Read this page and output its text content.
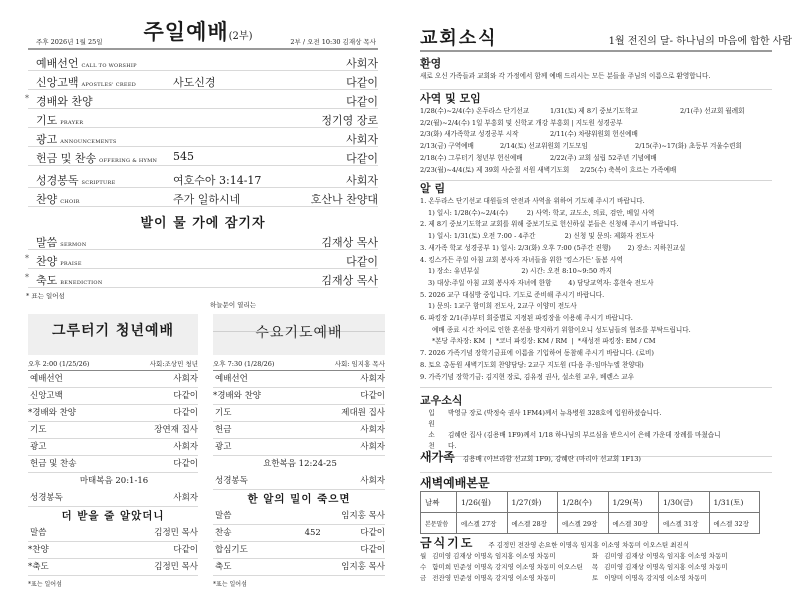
주일예배(2부)
주후 2026년 1월 25일	2부 / 오전 10:30 김재상 목사
예배선언 CALL TO WORSHIP	사회자
신앙고백 APOSTLES' CREED	사도신경	다같이
* 경배와 찬양	다같이
기도 PRAYER	정기영 장로
광고 ANNOUNCEMENTS	사회자
헌금 및 찬송 OFFERING & HYMN 545	다같이
성경봉독 SCRIPTURE	여호수아 3:14-17	사회자
찬양 CHOIR	주가 일하시네	호산나 찬양대
발이 물 가에 잠기자
말씀 SERMON	김재상 목사
* 찬양 PRAISE	다같이
* 축도 BENEDICTION	김재상 목사
* 표는 일어섬
그루터기 청년예배
오후 2:00 (1/25/26)	사회:조상민 청년
예배선언	사회자
신앙고백	다같이
*경배와 찬양	다같이
기도	장연재 집사
광고	사회자
헌금 및 찬송	다같이
마태복음 20:1-16
성경봉독	사회자
더 받을 줄 알았더니
말씀	김정민 목사
*찬양	다같이
*축도	김정민 목사
*표는 일어섬
하늘문이 열리는
수요기도예배
오후 7:30 (1/28/26)	사회: 임지홍 목사
예배선언	사회자
*경배와 찬양	다같이
기도	제대원 집사
헌금	사회자
광고	사회자
요한복음 12:24-25
성경봉독	사회자
한 알의 밀이 죽으면
말씀	임지홍 목사
찬송	452	다같이
합심기도	다같이
축도	임지홍 목사
*표는 일어섬
교회소식	1월 전진의 달- 하나님의 마음에 합한 사람
환영
새로 오신 가족들과 교회와 각 가정에서 함께 예배 드리시는 모든 분들을 주님의 이름으로 환영합니다.
사역 및 모임
1/28(수)~2/4(수) 온두라스 단기선교	1/31(토) 제 8기 중보기도학교	2/1(주) 선교회 월례회
2/2(월)~2/4(수) 1일 부흥회 및 신학교 개강 부흥회 | 지도원 성경공부
2/3(화) 새가족학교 성경공부 시작	2/11(수) 차량위원회 헌신예배
2/13(금) 구역예배	2/14(토) 선교위원회 기도모임	2/15(주)~17(화) 초등부 겨울수련회
2/18(수) 그루터기 청년부 헌신예배	2/22(주) 교회 설립 52주년 기념예배
2/23(월)~4/4(토) 제 39회 사순절 서원 새벽기도회	2/25(수) 축복이 흐르는 가족예배
알 림
1. 온두라스 단기선교 대원들의 안전과 사역을 위하여 기도해 주시기 바랍니다.
1) 일시: 1/28(수)~2/4(수)         2) 사역: 학교, 교도소, 의료, 검안, 베일 사역
2. 제 8기 중보기도학교 교회를 위해 중보기도로 헌신하실 분들은 신청해 주시기 바랍니다.
1) 일시: 1/31(토) 오전 7:00 - 4주간              2) 신청 및 문의: 제화자 전도사
3. 새가족 학교 성경공부 1) 일시: 2/3(화) 오후 7:00 (5주간 진행)        2) 장소: 지하친교실
4. 킹스가든 주일 아침 교회 봉사자 자녀들을 위한 '킹스가든' 돌봄 사역
1) 장소: 유년부실                    2) 시간: 오전 8:10~9:50 까지
3) 대상:주일 아침 교회 봉사자 자녀에 한함        4) 담당교역자: 홍현숙 전도사
5. 2026 교구 대심방 중입니다. 기도로 준비해 주시기 바랍니다.
1) 문의: 1교구 함미희 전도사, 2교구 이양미 전도사
6. 파킹장 2/1(주)부터 회중별로 지정된 파킹장을 이용해 주시기 바랍니다.
예배 종료 시간 차이로 인한 혼선을 방지하기 위함이오니 성도님들의 협조를 부탁드립니다.
*본당 주차장: KM  |  *코너 파킹장: KM / RM  |  *새성전 파킹장: EM / CM
7. 2026 가족기념 장학기금표에 이름을 기입하여 동참해 주시기 바랍니다. (로비)
8. 토요 총동원 새벽기도회 찬양담당: 2교구 지도원 (다음 주:임마누엘 찬양대)
9. 가족기념 장학기금: 김지현 장로, 김유정 권사, 설소원 교우, 베렌스 교우
교우소식
입 원
박영규 장로 (박정숙 권사 1FM4)께서 뉴욕병원 328호에 입원하셨습니다.
소 천
김혜란 집사 (김용배 1F9)께서 1/18 하나님의 부르심을 받으시어 은혜 가운데 장례를 마쳤습니다.
새가족 김용배 (아브라함 선교회 1F9), 강혜란 (마리아 선교회 1F13)
새벽예배본문
날짜	1/26(월)	1/27(화)	1/28(수)	1/29(목)	1/30(금)	1/31(토)
본문말씀	에스겔 27장	에스겔 28장	에스겔 29장	에스겔 30장	에스겔 31장	에스겔 32장
금식기도 주 김정민 전잔영 손요한 이명옥 임지홍 이소영 차동미 이오스틴 최진식
월 김미영 김재상 이명옥 임지홍 이소영 차동미	화 김미영 김재상 이명옥 임지홍 이소영 차동미
수 함미희 민준성 이명옥 강지영 이소영 차동미 이오스틴	목 김미영 김재상 이명옥 임지홍 이소영 차동미
금 전잔영 민준성 이명옥 강지영 이소영 차동미	토 이양미 이명옥 강지영 이소영 차동미
